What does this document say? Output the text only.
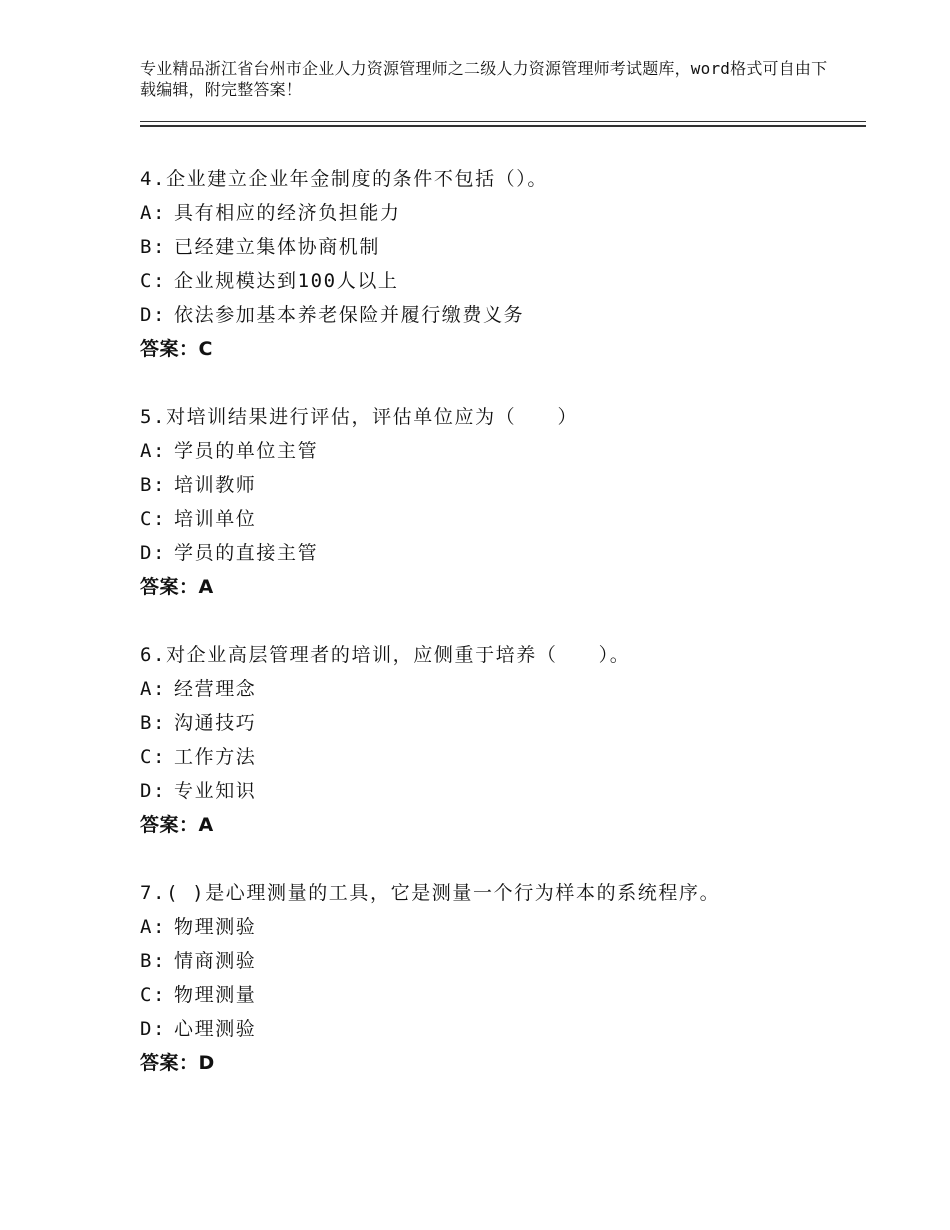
专业精品浙江省台州市企业人力资源管理师之二级人力资源管理师考试题库，word格式可自由下载编辑，附完整答案！
4.企业建立企业年金制度的条件不包括（）。
A: 具有相应的经济负担能力
B: 已经建立集体协商机制
C: 企业规模达到100人以上
D: 依法参加基本养老保险并履行缴费义务
答案：C
5.对培训结果进行评估，评估单位应为（　　）
A: 学员的单位主管
B: 培训教师
C: 培训单位
D: 学员的直接主管
答案：A
6.对企业高层管理者的培训，应侧重于培养（　　）。
A: 经营理念
B: 沟通技巧
C: 工作方法
D: 专业知识
答案：A
7.( )是心理测量的工具，它是测量一个行为样本的系统程序。
A: 物理测验
B: 情商测验
C: 物理测量
D: 心理测验
答案：D
